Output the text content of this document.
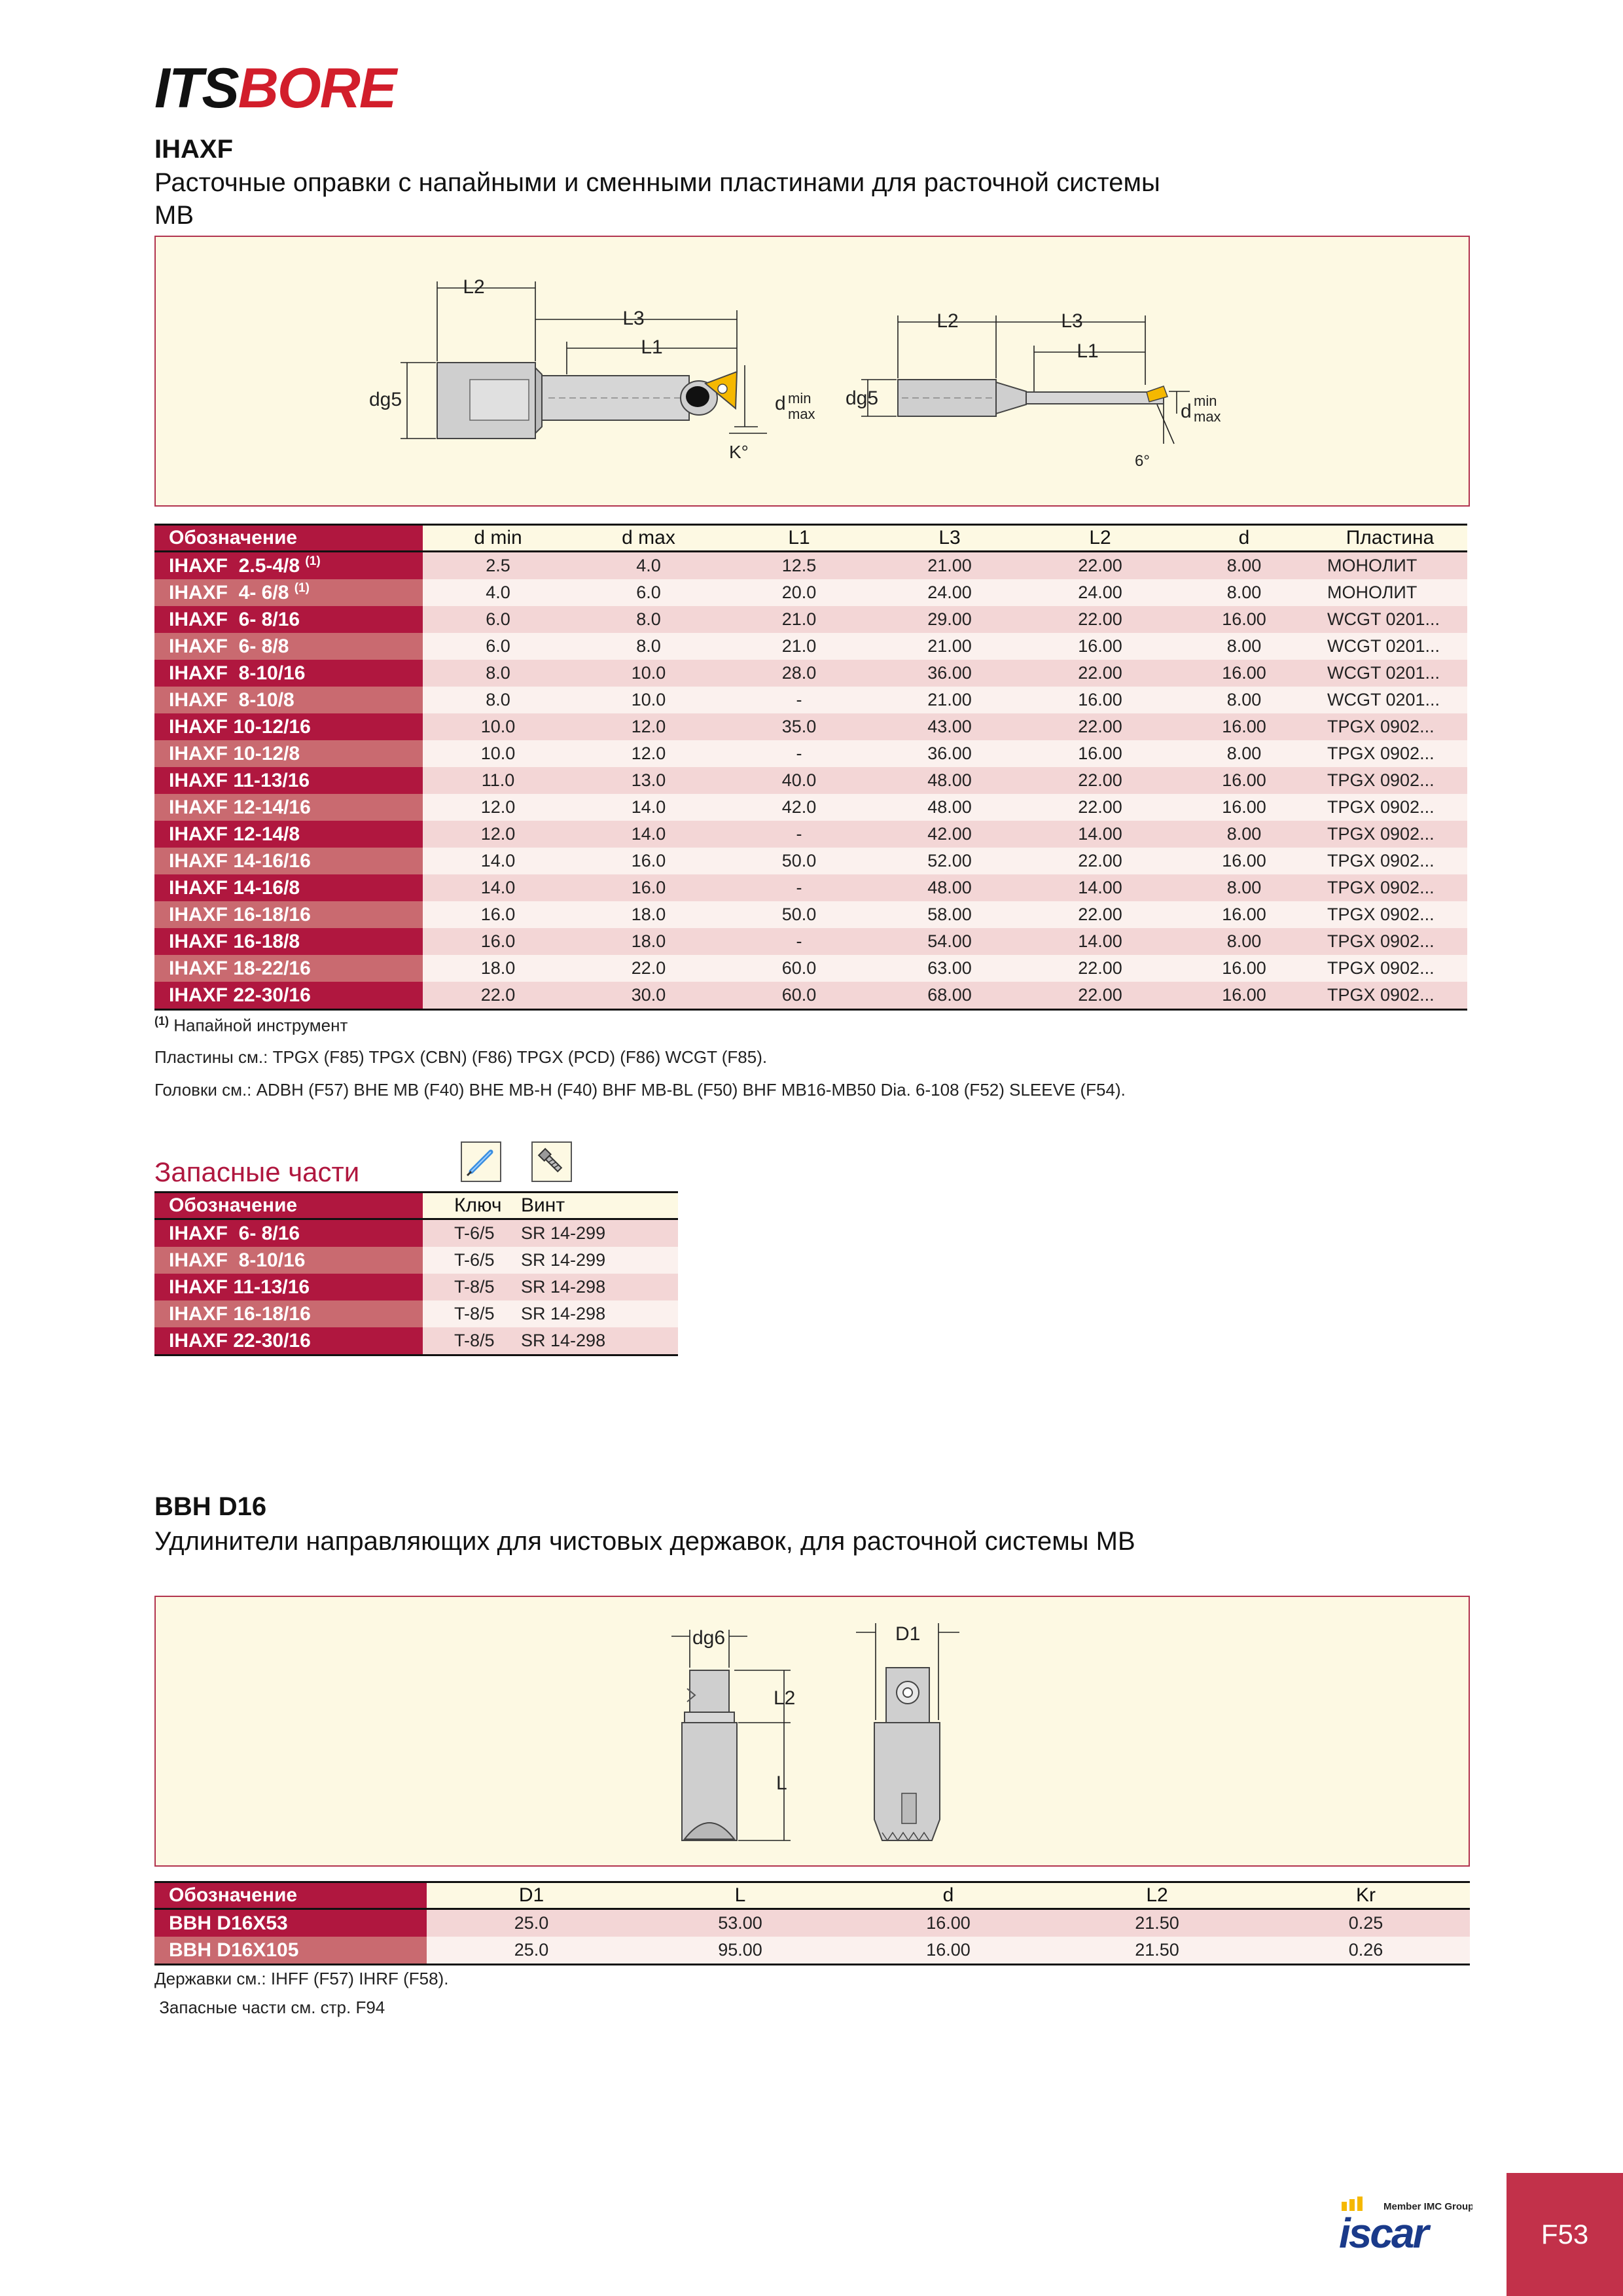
ITSBORE
IHAXF
Расточные оправки с напайными и сменными пластинами для расточной системы MB
L2
L3
L1
dg5	d min
max
K°
L2	L3
L1
dg5
d min
max
6°
Обозначение	d min	d max	L1	L3	L2	d	Пластина
IHAXF  2.5-4/8 $^{(1)}$	2.5	4.0	12.5	21.00	22.00	8.00	МОНОЛИТ
IHAXF  4- 6/8 $^{(1)}$	4.0	6.0	20.0	24.00	24.00	8.00	МОНОЛИТ
IHAXF  6- 8/16	6.0	8.0	21.0	29.00	22.00	16.00	WCGT 0201...
IHAXF  6- 8/8	6.0	8.0	21.0	21.00	16.00	8.00	WCGT 0201...
IHAXF  8-10/16	8.0	10.0	28.0	36.00	22.00	16.00	WCGT 0201...
IHAXF  8-10/8	8.0	10.0	-	21.00	16.00	8.00	WCGT 0201...
IHAXF 10-12/16	10.0	12.0	35.0	43.00	22.00	16.00	TPGX 0902...
IHAXF 10-12/8	10.0	12.0	-	36.00	16.00	8.00	TPGX 0902...
IHAXF 11-13/16	11.0	13.0	40.0	48.00	22.00	16.00	TPGX 0902...
IHAXF 12-14/16	12.0	14.0	42.0	48.00	22.00	16.00	TPGX 0902...
IHAXF 12-14/8	12.0	14.0	-	42.00	14.00	8.00	TPGX 0902...
IHAXF 14-16/16	14.0	16.0	50.0	52.00	22.00	16.00	TPGX 0902...
IHAXF 14-16/8	14.0	16.0	-	48.00	14.00	8.00	TPGX 0902...
IHAXF 16-18/16	16.0	18.0	50.0	58.00	22.00	16.00	TPGX 0902...
IHAXF 16-18/8	16.0	18.0	-	54.00	14.00	8.00	TPGX 0902...
IHAXF 18-22/16	18.0	22.0	60.0	63.00	22.00	16.00	TPGX 0902...
IHAXF 22-30/16	22.0	30.0	60.0	68.00	22.00	16.00	TPGX 0902...
$^{(1)}$ Напайной инструмент
Пластины см.: TPGX (F85) TPGX (CBN) (F86) TPGX (PCD) (F86) WCGT (F85).
Головки см.: ADBH (F57) BHE MB (F40) BHE MB-H (F40) BHF MB-BL (F50) BHF MB16-MB50 Dia. 6-108 (F52) SLEEVE (F54).
Запасные части
Обозначение	Ключ	Винт
IHAXF  6- 8/16	T-6/5	SR 14-299
IHAXF  8-10/16	T-6/5	SR 14-299
IHAXF 11-13/16	T-8/5	SR 14-298
IHAXF 16-18/16	T-8/5	SR 14-298
IHAXF 22-30/16	T-8/5	SR 14-298
BBH D16
Удлинители направляющих для чистовых державок, для расточной системы MB
dg6
L2
L
D1
Обозначение	D1	L	d	L2	Kr
BBH D16X53	25.0	53.00	16.00	21.50	0.25
BBH D16X105	25.0	95.00	16.00	21.50	0.26
Державки см.: IHFF (F57) IHRF (F58).
Запасные части см. стр. F94
Member IMC Group
iscar	F53
